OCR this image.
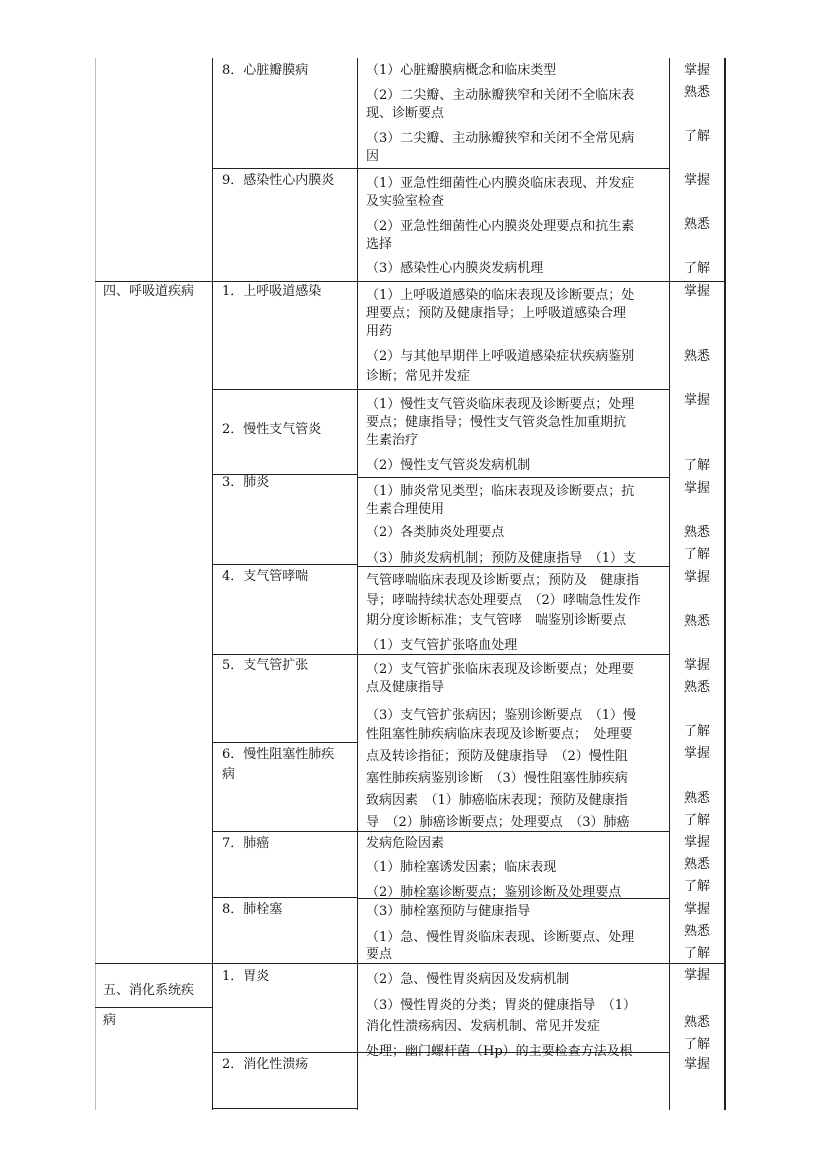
四、呼吸道疾病
五、消化系统疾
病
8．心脏瓣膜病
9．感染性心内膜炎
1．上呼吸道感染
2．慢性支气管炎
3．肺炎
4．支气管哮喘
5．支气管扩张
6．慢性阻塞性肺疾
病
7．肺癌
8．肺栓塞
1．胃炎
2．消化性溃疡
（1）心脏瓣膜病概念和临床类型
（2）二尖瓣、主动脉瓣狭窄和关闭不全临床表
现、诊断要点
（3）二尖瓣、主动脉瓣狭窄和关闭不全常见病
因
（1）亚急性细菌性心内膜炎临床表现、并发症
及实验室检查
（2）亚急性细菌性心内膜炎处理要点和抗生素
选择
（3）感染性心内膜炎发病机理
（1）上呼吸道感染的临床表现及诊断要点；处
理要点；预防及健康指导；上呼吸道感染合理
用药
（2）与其他早期伴上呼吸道感染症状疾病鉴别
诊断；常见并发症
（1）慢性支气管炎临床表现及诊断要点；处理
要点；健康指导；慢性支气管炎急性加重期抗
生素治疗
（2）慢性支气管炎发病机制
（1）肺炎常见类型；临床表现及诊断要点；抗
生素合理使用
（2）各类肺炎处理要点
（3）肺炎发病机制；预防及健康指导　（1）支
气管哮喘临床表现及诊断要点；预防及　健康指
导；哮喘持续状态处理要点　（2）哮喘急性发作
期分度诊断标准；支气管哮　喘鉴别诊断要点
（1）支气管扩张咯血处理
（2）支气管扩张临床表现及诊断要点；处理要
点及健康指导
（3）支气管扩张病因；鉴别诊断要点　（1）慢
性阻塞性肺疾病临床表现及诊断要点；　处理要
点及转诊指征；预防及健康指导　（2）慢性阻
塞性肺疾病鉴别诊断　（3）慢性阻塞性肺疾病
致病因素　（1）肺癌临床表现；预防及健康指
导　（2）肺癌诊断要点；处理要点　（3）肺癌
发病危险因素
（1）肺栓塞诱发因素；临床表现
（2）肺栓塞诊断要点；鉴别诊断及处理要点
（3）肺栓塞预防与健康指导
（1）急、慢性胃炎临床表现、诊断要点、处理
要点
（2）急、慢性胃炎病因及发病机制
（3）慢性胃炎的分类；胃炎的健康指导　（1）
消化性溃疡病因、发病机制、常见并发症
处理；幽门螺杆菌（Hp）的主要检查方法及根
掌握
熟悉
了解
掌握
熟悉
了解
掌握
熟悉
掌握
了解
掌握
熟悉
了解
掌握
熟悉
掌握
熟悉
了解
掌握
熟悉
了解
掌握
熟悉
了解
掌握
熟悉
了解
掌握
熟悉
了解
掌握
